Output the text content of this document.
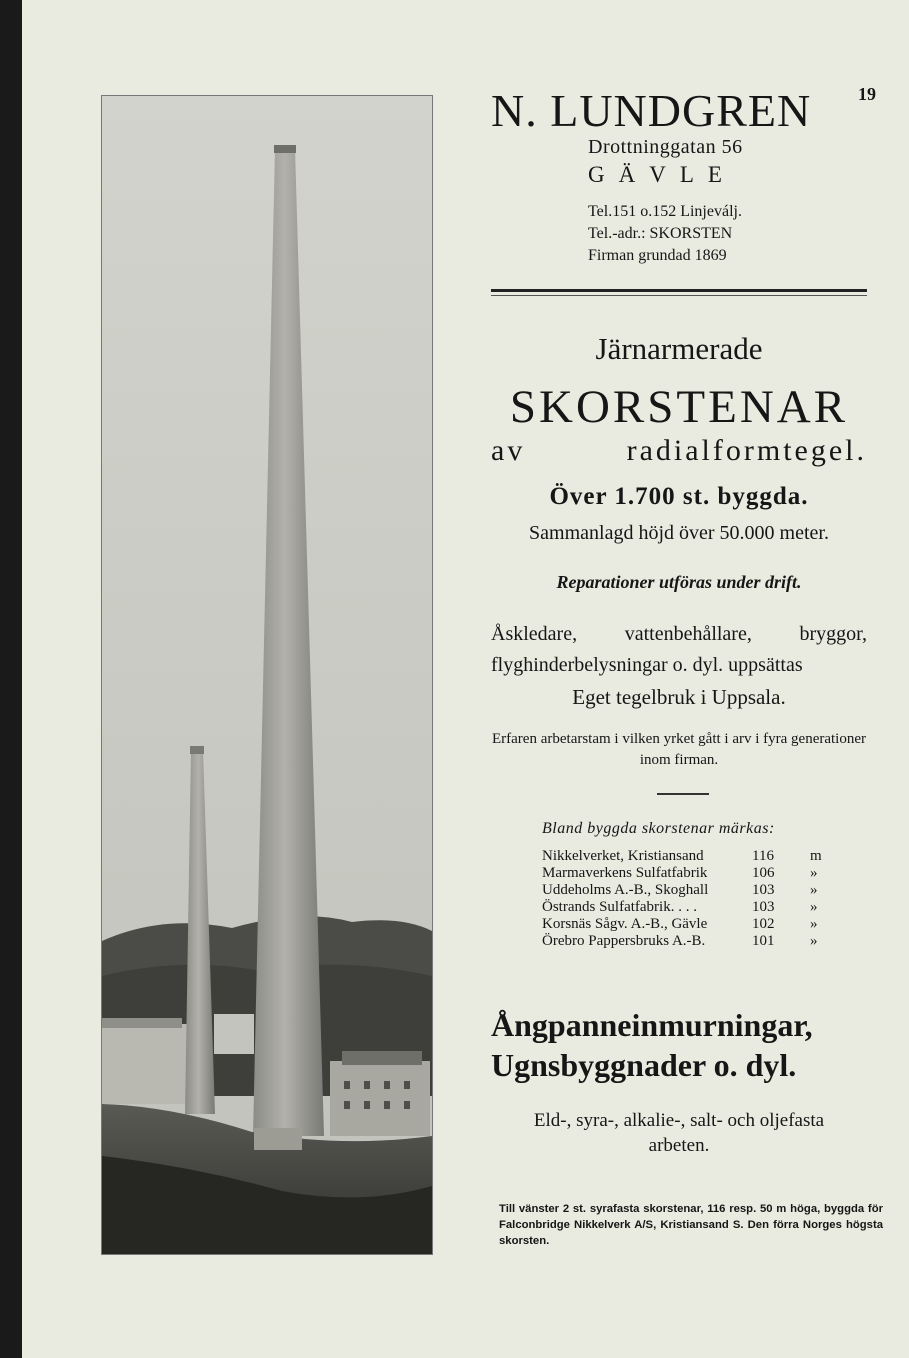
19
N. LUNDGREN
Drottninggatan 56
GÄVLE
Tel.151 o.152 Linjeválj.
Tel.-adr.: SKORSTEN
Firman grundad 1869
Järnarmerade
SKORSTENAR
av radialformtegel.
Över 1.700 st. byggda.
Sammanlagd höjd över 50.000 meter.
Reparationer utföras under drift.
Åskledare, vattenbehållare, bryggor, flyghinderbelysningar o. dyl. uppsättas
Eget tegelbruk i Uppsala.
Erfaren arbetarstam i vilken yrket gått i arv i fyra generationer inom firman.
Bland byggda skorstenar märkas:
Nikkelverket, Kristiansand	116 m
Marmaverkens Sulfatfabrik	106 »
Uddeholms A.-B., Skoghall	103 »
Östrands Sulfatfabrik. . . .	103 »
Korsnäs Sågv. A.-B., Gävle	102 »
Örebro Pappersbruks A.-B.	101 »
Ångpanneinmurningar,
Ugnsbyggnader o. dyl.
Eld-, syra-, alkalie-, salt- och oljefasta arbeten.
Till vänster 2 st. syrafasta skorstenar, 116 resp. 50 m höga, byggda för Falconbridge Nikkelverk A/S, Kristiansand S. Den förra Norges högsta skorsten.
